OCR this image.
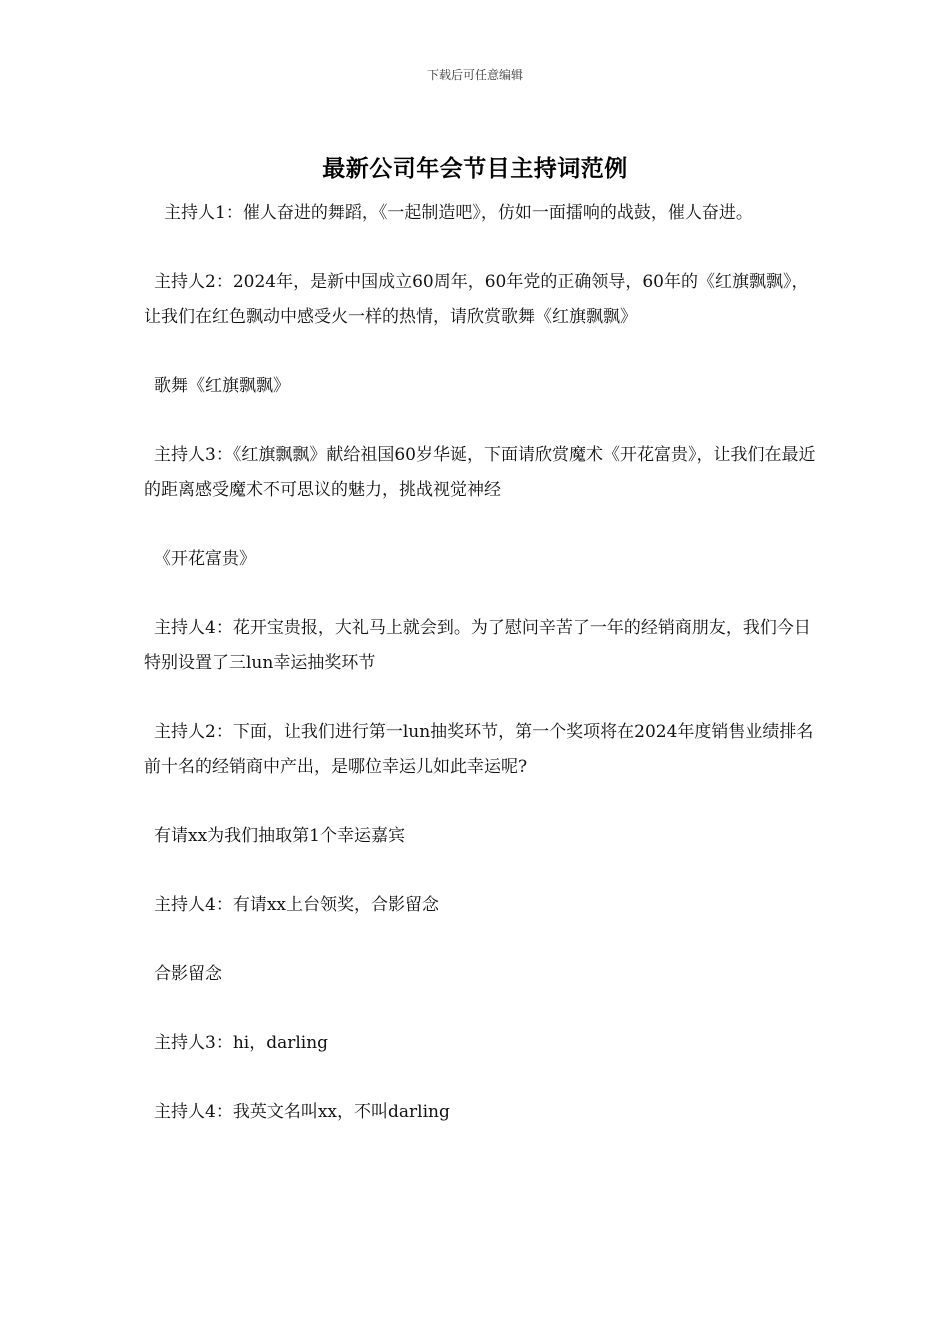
下载后可任意编辑
最新公司年会节目主持词范例

主持人1：催人奋进的舞蹈，《一起制造吧》，仿如一面擂响的战鼓，催人奋进。

主持人2：2024年，是新中国成立60周年，60年党的正确领导，60年的《红旗飘飘》，让我们在红色飘动中感受火一样的热情，请欣赏歌舞《红旗飘飘》

歌舞《红旗飘飘》

主持人3：《红旗飘飘》献给祖国60岁华诞，下面请欣赏魔术《开花富贵》，让我们在最近的距离感受魔术不可思议的魅力，挑战视觉神经

《开花富贵》

主持人4：花开宝贵报，大礼马上就会到。为了慰问辛苦了一年的经销商朋友，我们今日特别设置了三lun幸运抽奖环节

主持人2：下面，让我们进行第一lun抽奖环节，第一个奖项将在2024年度销售业绩排名前十名的经销商中产出，是哪位幸运儿如此幸运呢?

有请xx为我们抽取第1个幸运嘉宾

主持人4：有请xx上台领奖，合影留念

合影留念

主持人3：hi，darling

主持人4：我英文名叫xx，不叫darling
